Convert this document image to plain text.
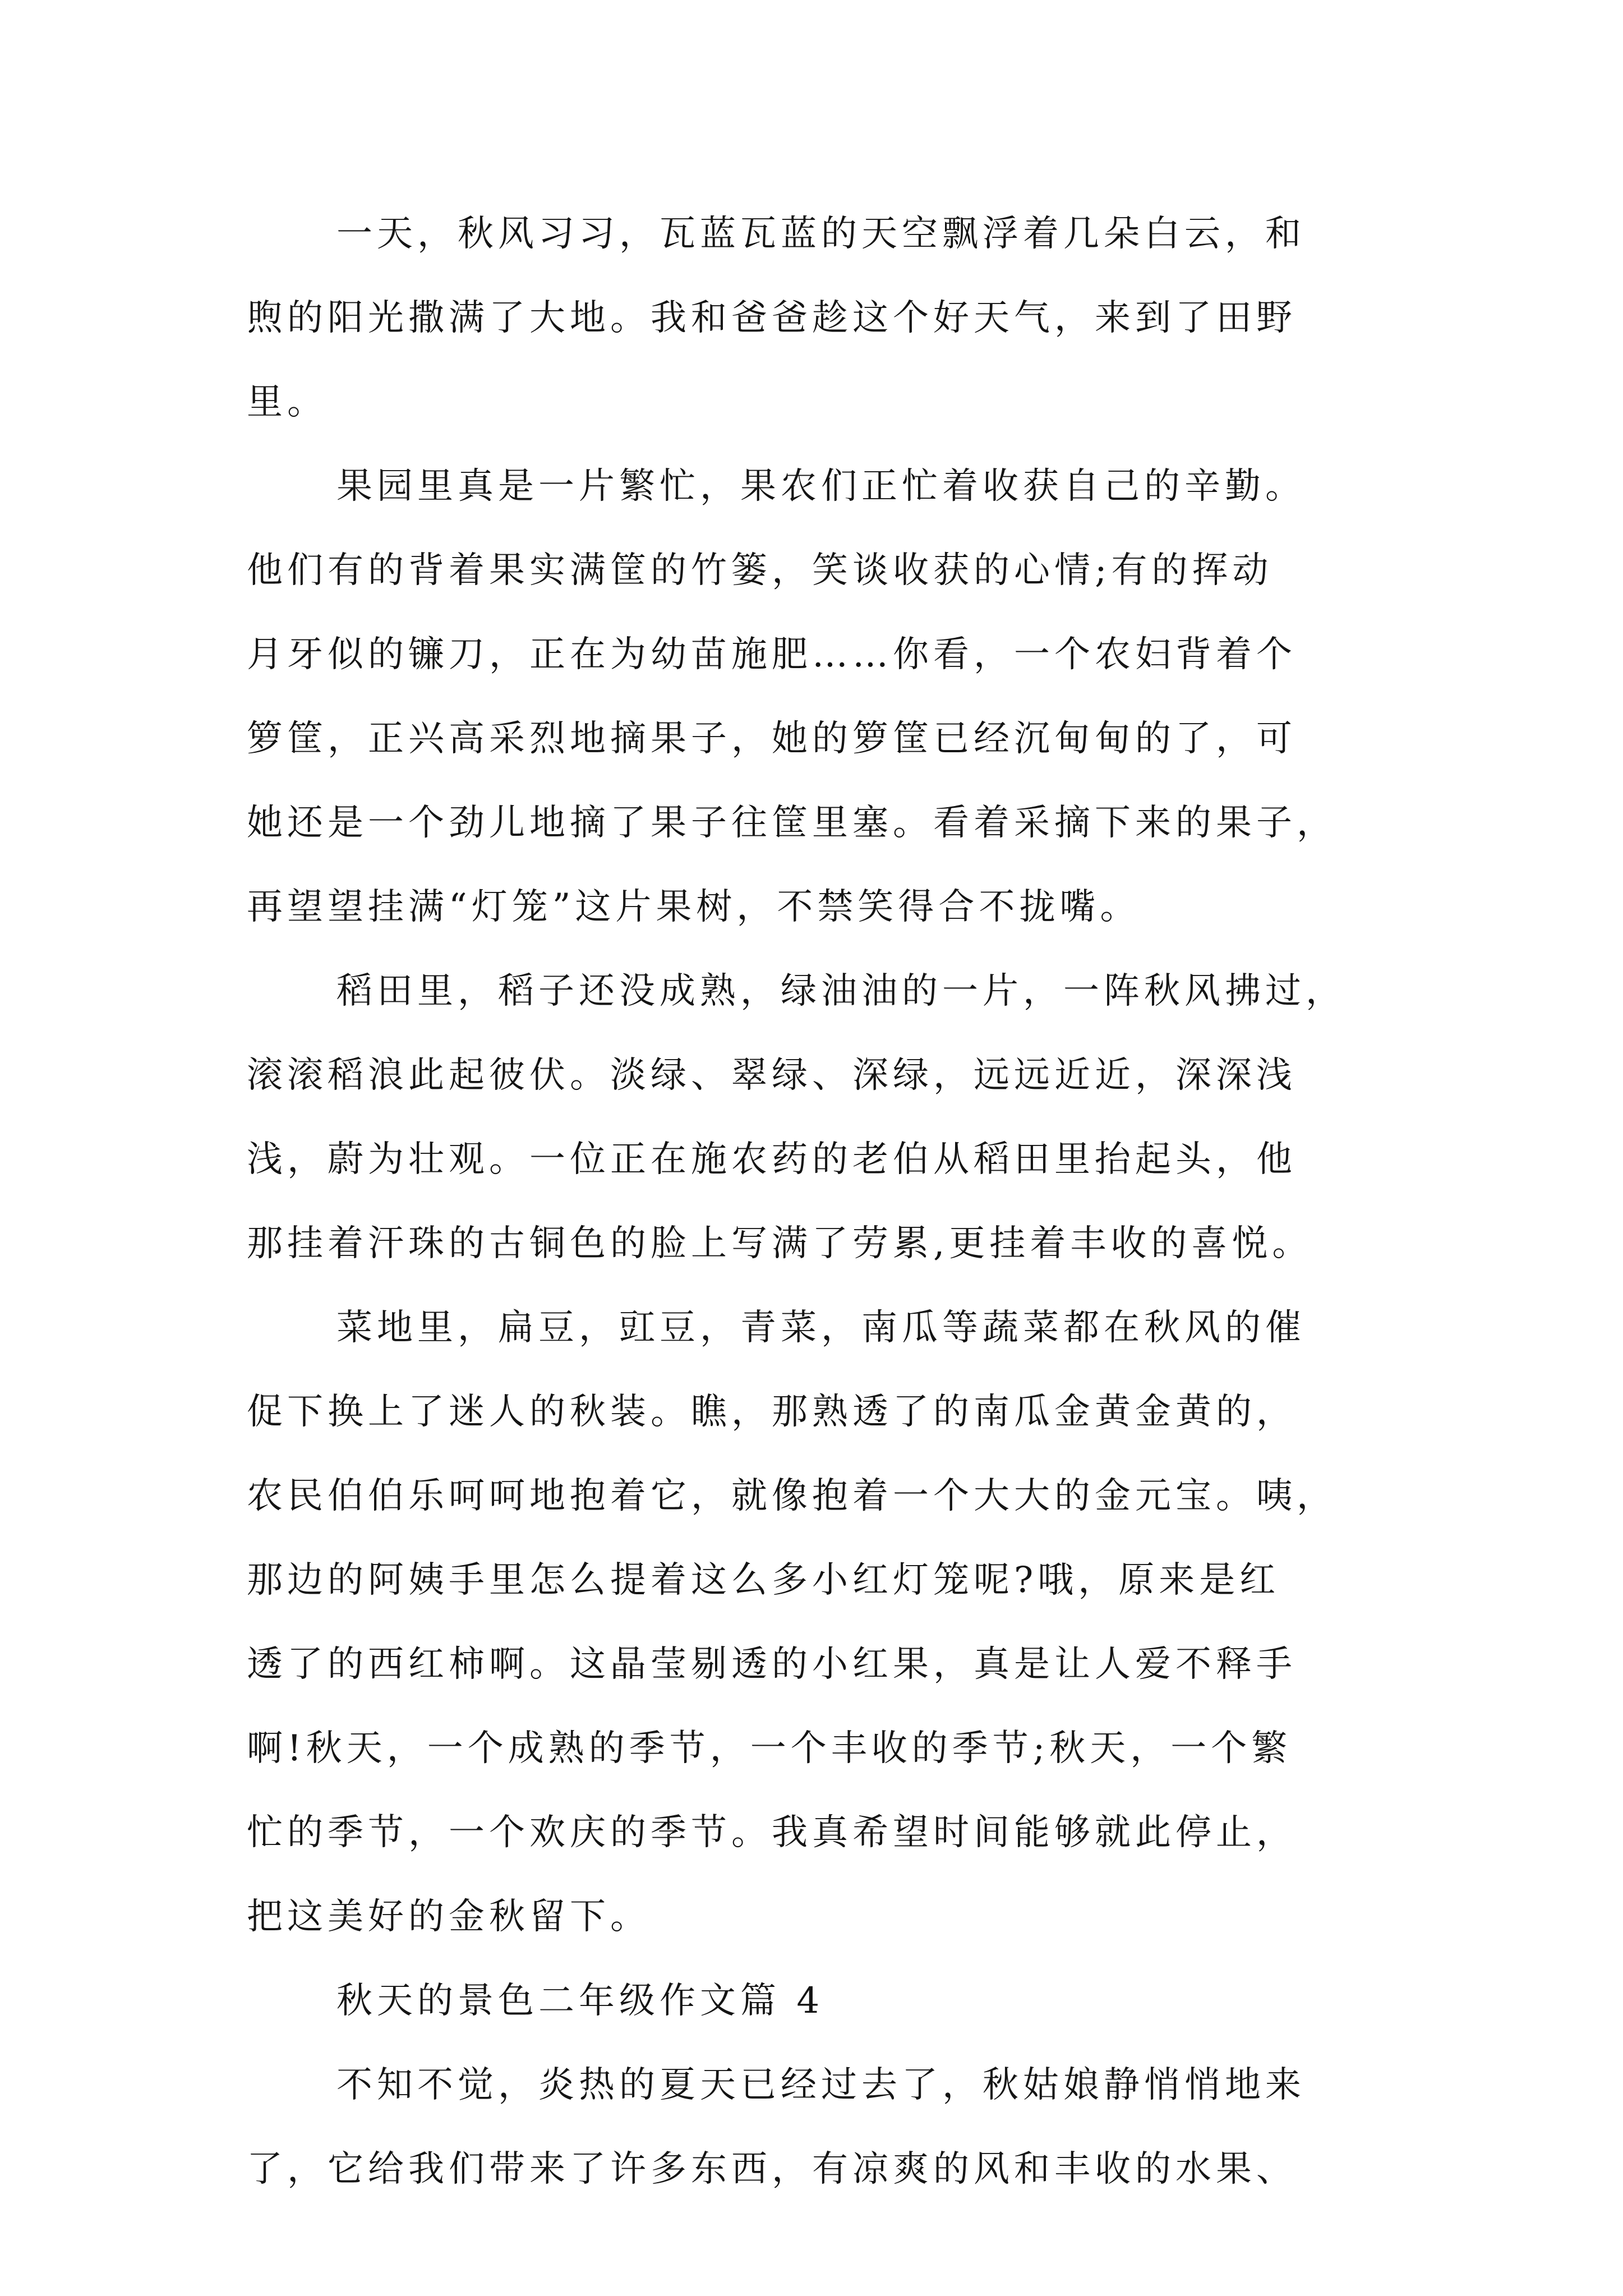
一天，秋风习习，瓦蓝瓦蓝的天空飘浮着几朵白云，和
煦的阳光撒满了大地。我和爸爸趁这个好天气，来到了田野
里。
果园里真是一片繁忙，果农们正忙着收获自己的辛勤。
他们有的背着果实满筐的竹篓，笑谈收获的心情;有的挥动
月牙似的镰刀，正在为幼苗施肥……你看，一个农妇背着个
箩筐，正兴高采烈地摘果子，她的箩筐已经沉甸甸的了，可
她还是一个劲儿地摘了果子往筐里塞。看着采摘下来的果子，
再望望挂满“灯笼”这片果树，不禁笑得合不拢嘴。
稻田里，稻子还没成熟，绿油油的一片，一阵秋风拂过，
滚滚稻浪此起彼伏。淡绿、翠绿、深绿，远远近近，深深浅
浅，蔚为壮观。一位正在施农药的老伯从稻田里抬起头，他
那挂着汗珠的古铜色的脸上写满了劳累,更挂着丰收的喜悦。
菜地里，扁豆，豇豆，青菜，南瓜等蔬菜都在秋风的催
促下换上了迷人的秋装。瞧，那熟透了的南瓜金黄金黄的，
农民伯伯乐呵呵地抱着它，就像抱着一个大大的金元宝。咦，
那边的阿姨手里怎么提着这么多小红灯笼呢?哦，原来是红
透了的西红柿啊。这晶莹剔透的小红果，真是让人爱不释手
啊!秋天，一个成熟的季节，一个丰收的季节;秋天，一个繁
忙的季节，一个欢庆的季节。我真希望时间能够就此停止，
把这美好的金秋留下。
秋天的景色二年级作文篇 4
不知不觉，炎热的夏天已经过去了，秋姑娘静悄悄地来
了，它给我们带来了许多东西，有凉爽的风和丰收的水果、
